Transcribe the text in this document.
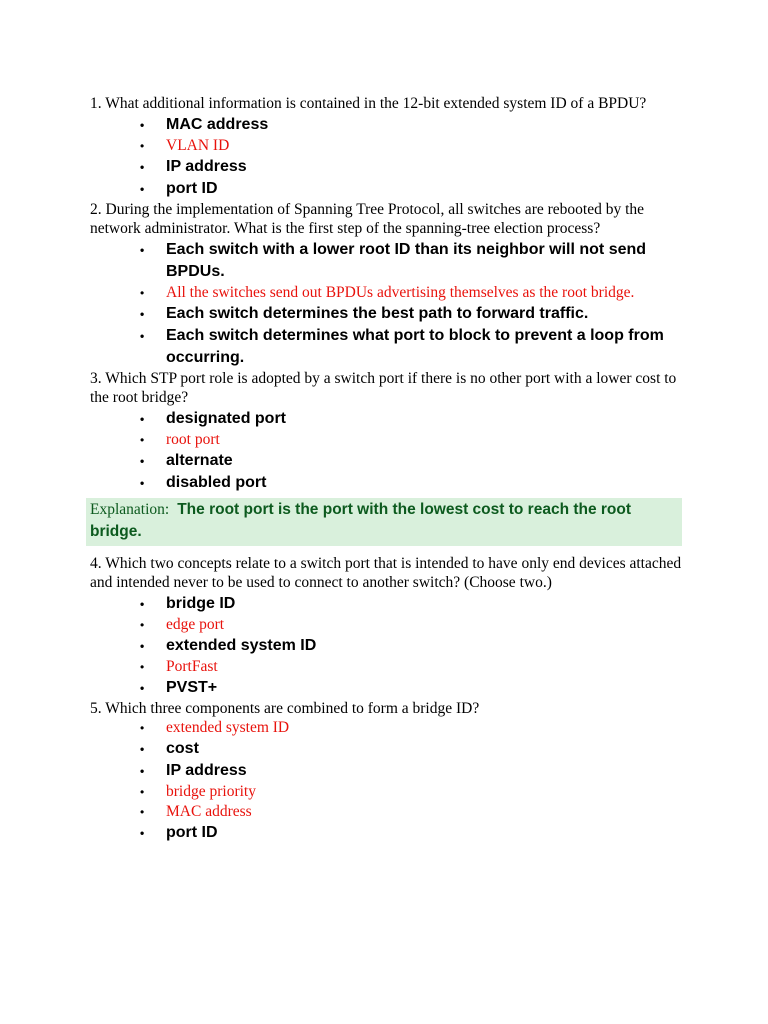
1. What additional information is contained in the 12-bit extended system ID of a BPDU?

• MAC address
• VLAN ID
• IP address
• port ID

2. During the implementation of Spanning Tree Protocol, all switches are rebooted by the network administrator. What is the first step of the spanning-tree election process?

• Each switch with a lower root ID than its neighbor will not send BPDUs.
• All the switches send out BPDUs advertising themselves as the root bridge.
• Each switch determines the best path to forward traffic.
• Each switch determines what port to block to prevent a loop from occurring.

3. Which STP port role is adopted by a switch port if there is no other port with a lower cost to the root bridge?

• designated port
• root port
• alternate
• disabled port
Explanation: The root port is the port with the lowest cost to reach the root bridge.

4. Which two concepts relate to a switch port that is intended to have only end devices attached and intended never to be used to connect to another switch? (Choose two.)

• bridge ID
• edge port
• extended system ID
• PortFast
• PVST+

5. Which three components are combined to form a bridge ID?

• extended system ID
• cost
• IP address
• bridge priority
• MAC address
• port ID
